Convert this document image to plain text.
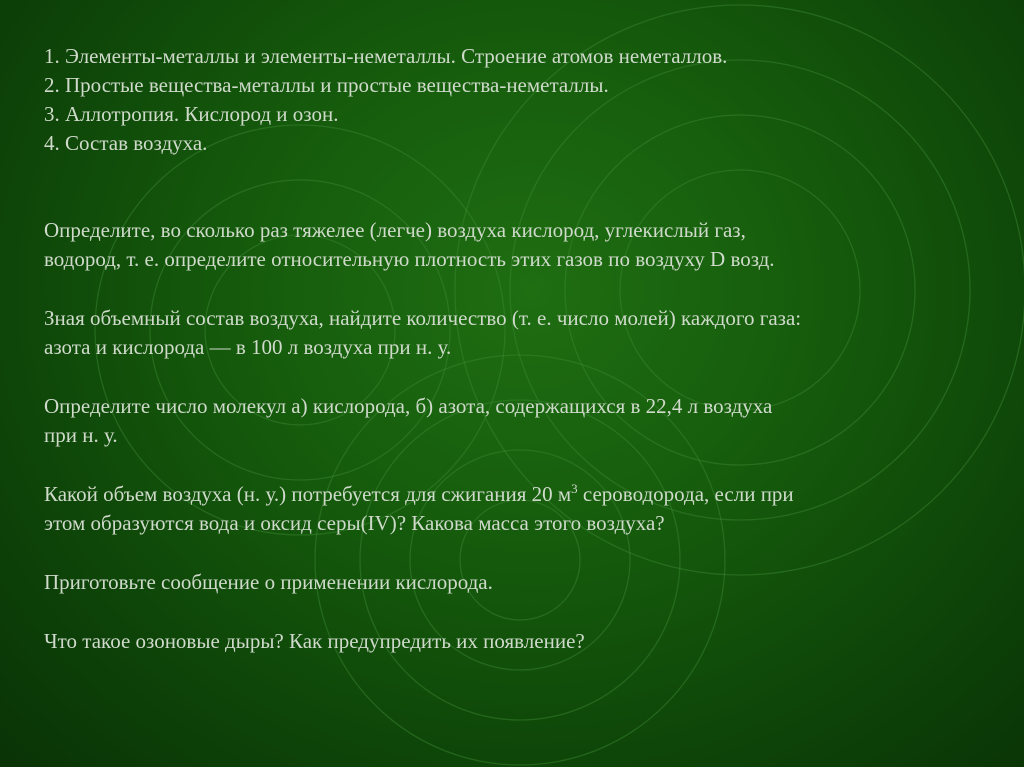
1. Элементы-металлы и элементы-неметаллы. Строение атомов неметаллов.

2. Простые вещества-металлы и простые вещества-неметаллы.

3. Аллотропия. Кислород и озон.

4. Состав воздуха.

Определите, во сколько раз тяжелее (легче) воздуха кислород, углекислый газ,

водород, т. е. определите относительную плотность этих газов по воздуху D возд.

Зная объемный состав воздуха, найдите количество (т. е. число молей) каждого газа:

азота и кислорода — в 100 л воздуха при н. у.

Определите число молекул а) кислорода, б) азота, содержащихся в 22,4 л воздуха

при н. у.

Какой объем воздуха (н. у.) потребуется для сжигания 20 $м^3$ сероводорода, если при

этом образуются вода и оксид серы(IV)? Какова масса этого воздуха?

Приготовьте сообщение о применении кислорода.

Что такое озоновые дыры? Как предупредить их появление?
